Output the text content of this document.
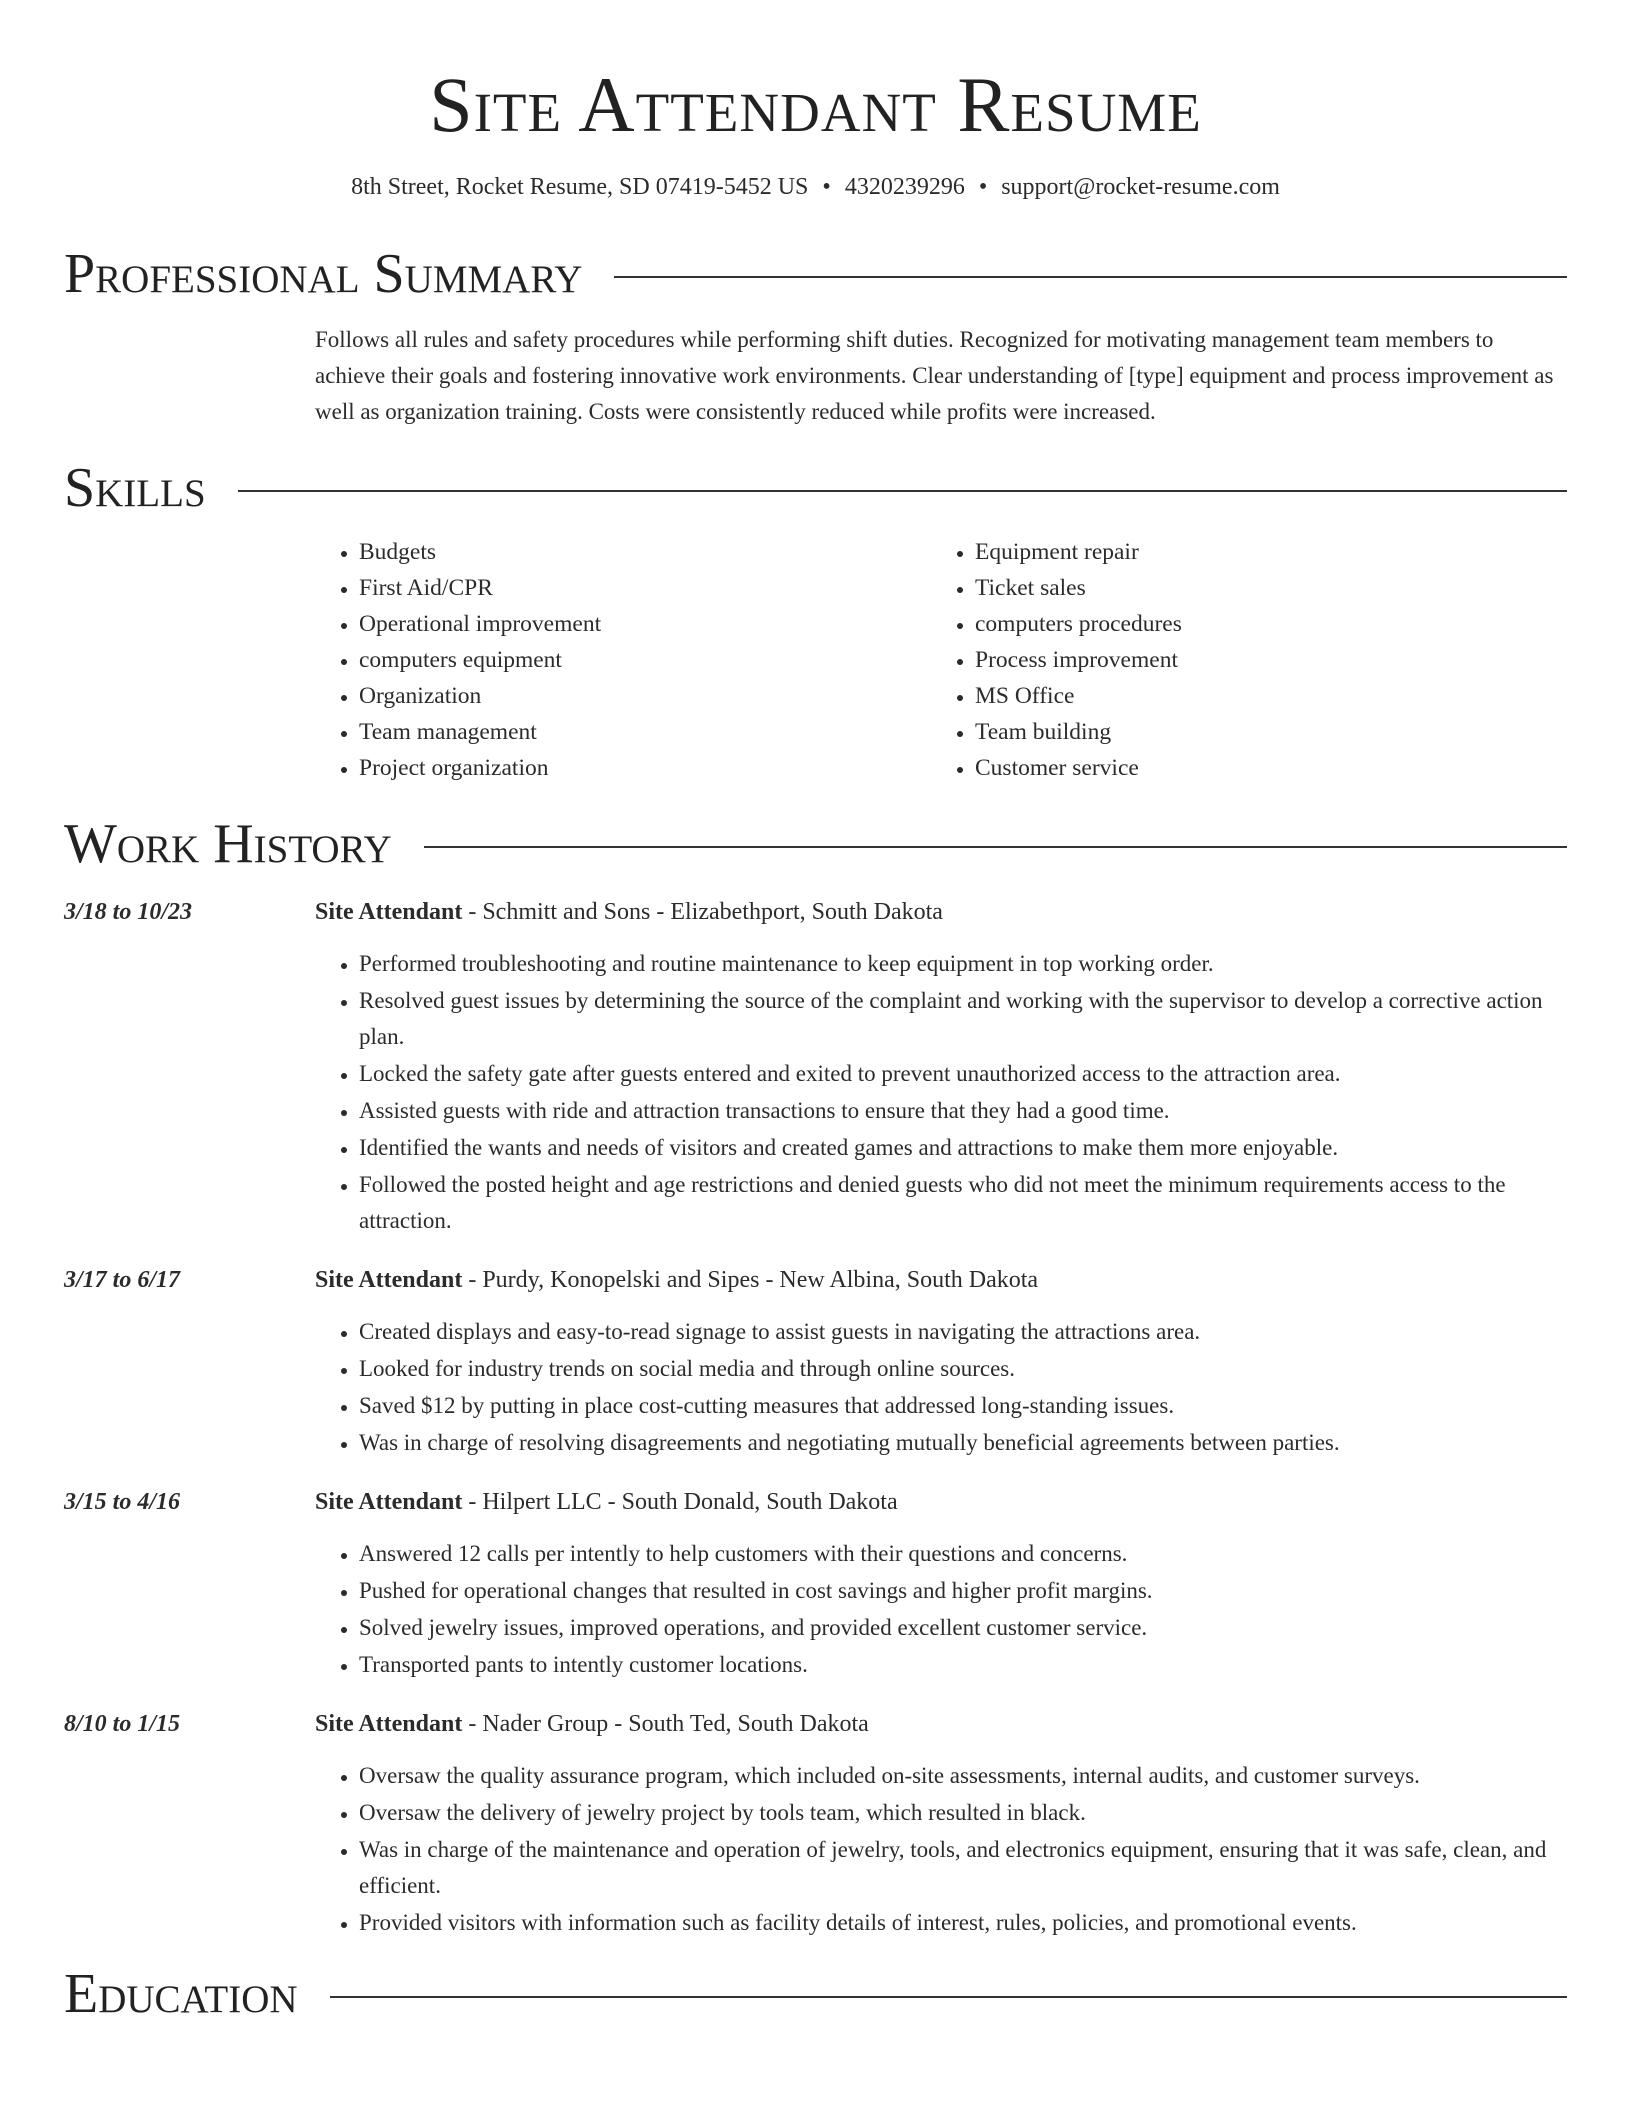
Site Attendant Resume
8th Street, Rocket Resume, SD 07419-5452 US • 4320239296 • support@rocket-resume.com
Professional Summary
Follows all rules and safety procedures while performing shift duties. Recognized for motivating management team members to achieve their goals and fostering innovative work environments. Clear understanding of [type] equipment and process improvement as well as organization training. Costs were consistently reduced while profits were increased.
Skills
• Budgets
• First Aid/CPR
• Operational improvement
• computers equipment
• Organization
• Team management
• Project organization
• Equipment repair
• Ticket sales
• computers procedures
• Process improvement
• MS Office
• Team building
• Customer service
Work History
3/18 to 10/23	Site Attendant - Schmitt and Sons - Elizabethport, South Dakota
• Performed troubleshooting and routine maintenance to keep equipment in top working order.
• Resolved guest issues by determining the source of the complaint and working with the supervisor to develop a corrective action plan.
• Locked the safety gate after guests entered and exited to prevent unauthorized access to the attraction area.
• Assisted guests with ride and attraction transactions to ensure that they had a good time.
• Identified the wants and needs of visitors and created games and attractions to make them more enjoyable.
• Followed the posted height and age restrictions and denied guests who did not meet the minimum requirements access to the attraction.
3/17 to 6/17	Site Attendant - Purdy, Konopelski and Sipes - New Albina, South Dakota
• Created displays and easy-to-read signage to assist guests in navigating the attractions area.
• Looked for industry trends on social media and through online sources.
• Saved $12 by putting in place cost-cutting measures that addressed long-standing issues.
• Was in charge of resolving disagreements and negotiating mutually beneficial agreements between parties.
3/15 to 4/16	Site Attendant - Hilpert LLC - South Donald, South Dakota
• Answered 12 calls per intently to help customers with their questions and concerns.
• Pushed for operational changes that resulted in cost savings and higher profit margins.
• Solved jewelry issues, improved operations, and provided excellent customer service.
• Transported pants to intently customer locations.
8/10 to 1/15	Site Attendant - Nader Group - South Ted, South Dakota
• Oversaw the quality assurance program, which included on-site assessments, internal audits, and customer surveys.
• Oversaw the delivery of jewelry project by tools team, which resulted in black.
• Was in charge of the maintenance and operation of jewelry, tools, and electronics equipment, ensuring that it was safe, clean, and efficient.
• Provided visitors with information such as facility details of interest, rules, policies, and promotional events.
Education
